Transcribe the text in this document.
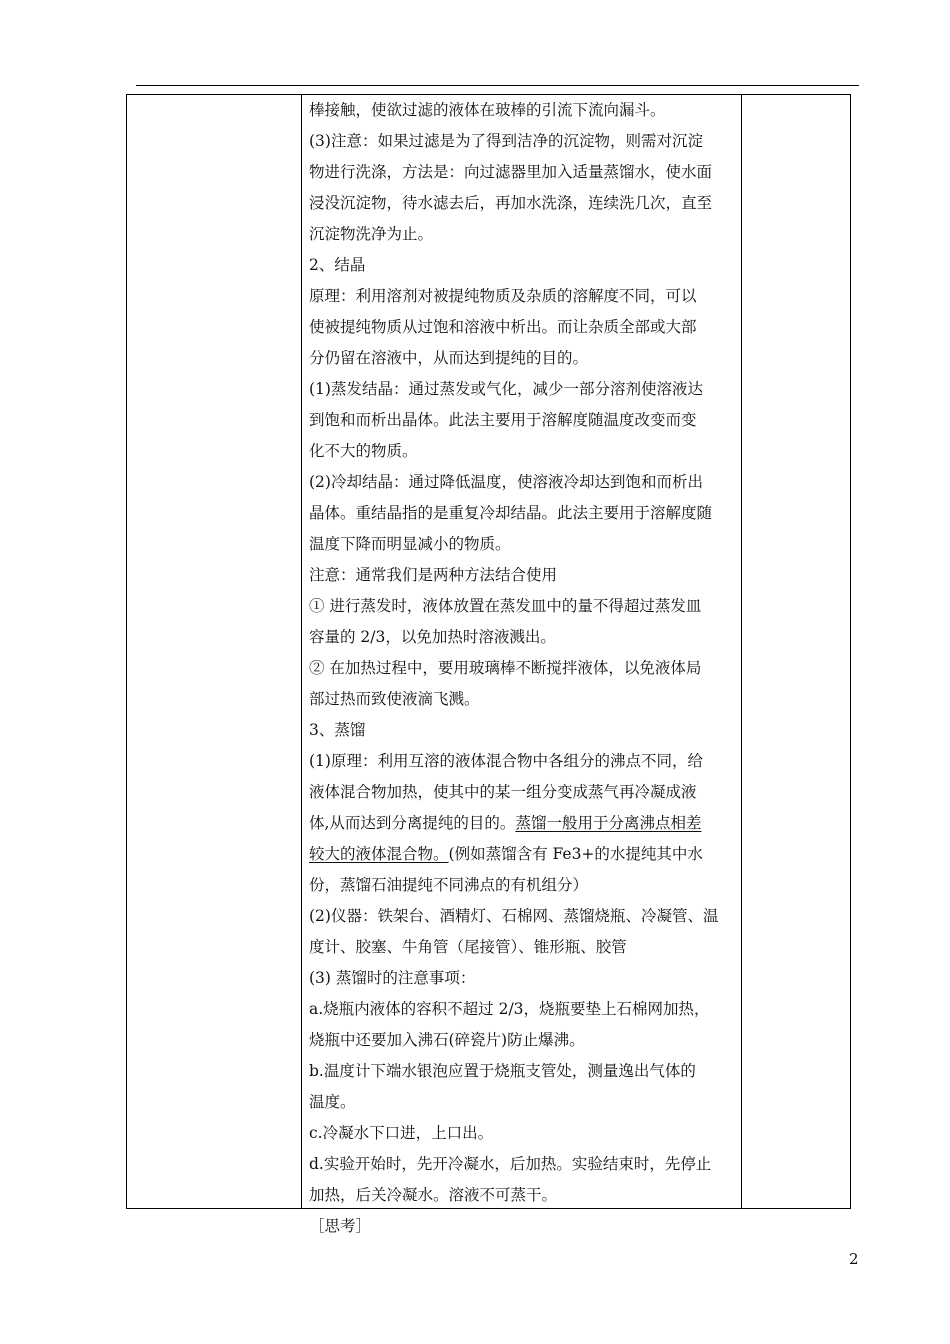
棒接触，使欲过滤的液体在玻棒的引流下流向漏斗。

(3)注意：如果过滤是为了得到洁净的沉淀物，则需对沉淀

物进行洗涤，方法是：向过滤器里加入适量蒸馏水，使水面

浸没沉淀物，待水滤去后，再加水洗涤，连续洗几次，直至

沉淀物洗净为止。

2、结晶

原理：利用溶剂对被提纯物质及杂质的溶解度不同，可以

使被提纯物质从过饱和溶液中析出。而让杂质全部或大部

分仍留在溶液中，从而达到提纯的目的。

(1)蒸发结晶：通过蒸发或气化，减少一部分溶剂使溶液达

到饱和而析出晶体。此法主要用于溶解度随温度改变而变

化不大的物质。

(2)冷却结晶：通过降低温度，使溶液冷却达到饱和而析出

晶体。重结晶指的是重复冷却结晶。此法主要用于溶解度随

温度下降而明显减小的物质。

注意：通常我们是两种方法结合使用

① 进行蒸发时，液体放置在蒸发皿中的量不得超过蒸发皿

容量的 2/3，以免加热时溶液溅出。

② 在加热过程中，要用玻璃棒不断搅拌液体，以免液体局

部过热而致使液滴飞溅。

3、蒸馏

(1)原理：利用互溶的液体混合物中各组分的沸点不同，给

液体混合物加热，使其中的某一组分变成蒸气再冷凝成液

体,从而达到分离提纯的目的。蒸馏一般用于分离沸点相差

较大的液体混合物。(例如蒸馏含有 Fe3+的水提纯其中水

份，蒸馏石油提纯不同沸点的有机组分）

(2)仪器：铁架台、酒精灯、石棉网、蒸馏烧瓶、冷凝管、温

度计、胶塞、牛角管（尾接管）、锥形瓶、胶管

(3) 蒸馏时的注意事项：

a.烧瓶内液体的容积不超过 2/3，烧瓶要垫上石棉网加热，

烧瓶中还要加入沸石(碎瓷片)防止爆沸。

b.温度计下端水银泡应置于烧瓶支管处，测量逸出气体的

温度。

c.冷凝水下口进，上口出。

d.实验开始时，先开冷凝水，后加热。实验结束时，先停止

加热，后关冷凝水。溶液不可蒸干。

［思考］

2
